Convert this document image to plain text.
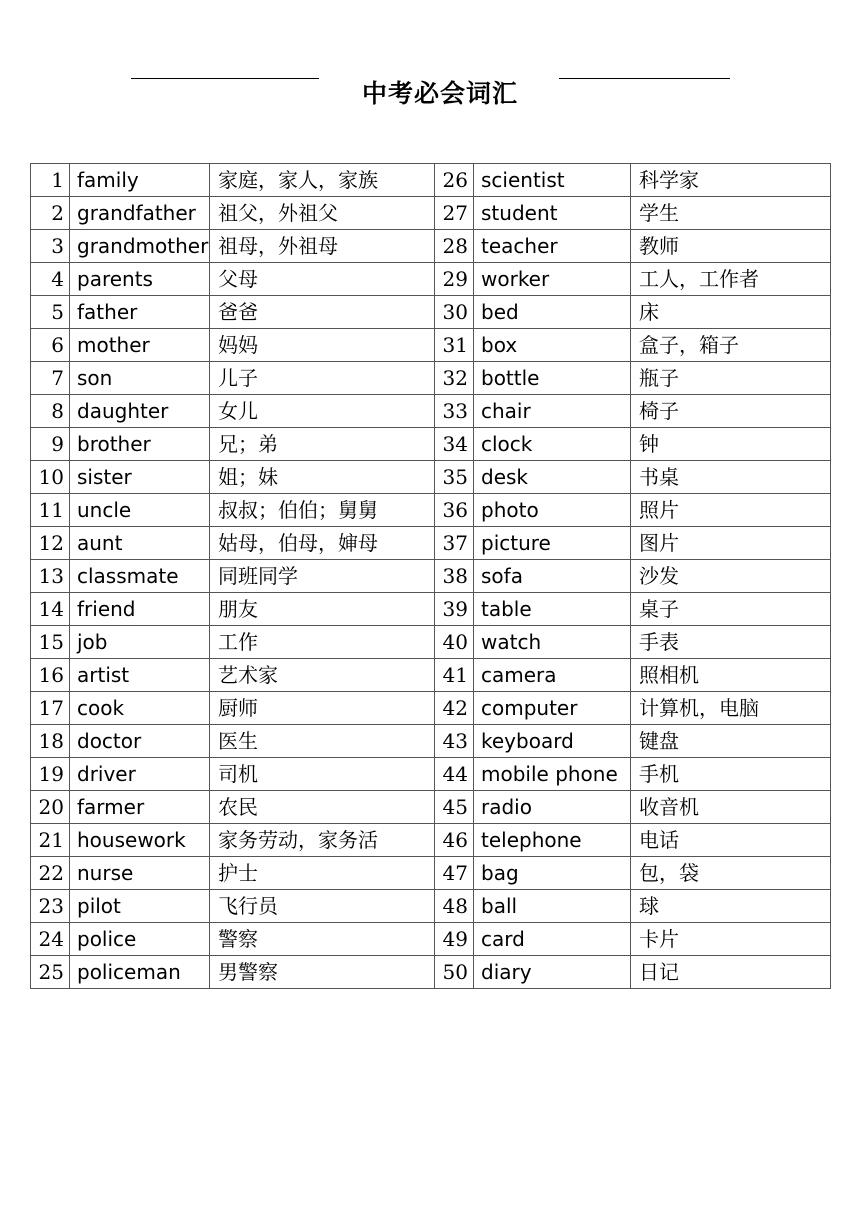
中考必会词汇
1	family	家庭，家人，家族	26	scientist	科学家
2	grandfather	祖父，外祖父	27	student	学生
3	grandmother	祖母，外祖母	28	teacher	教师
4	parents	父母	29	worker	工人，工作者
5	father	爸爸	30	bed	床
6	mother	妈妈	31	box	盒子，箱子
7	son	儿子	32	bottle	瓶子
8	daughter	女儿	33	chair	椅子
9	brother	兄；弟	34	clock	钟
10	sister	姐；妹	35	desk	书桌
11	uncle	叔叔；伯伯；舅舅	36	photo	照片
12	aunt	姑母，伯母，婶母	37	picture	图片
13	classmate	同班同学	38	sofa	沙发
14	friend	朋友	39	table	桌子
15	job	工作	40	watch	手表
16	artist	艺术家	41	camera	照相机
17	cook	厨师	42	computer	计算机，电脑
18	doctor	医生	43	keyboard	键盘
19	driver	司机	44	mobile phone	手机
20	farmer	农民	45	radio	收音机
21	housework	家务劳动，家务活	46	telephone	电话
22	nurse	护士	47	bag	包，袋
23	pilot	飞行员	48	ball	球
24	police	警察	49	card	卡片
25	policeman	男警察	50	diary	日记
